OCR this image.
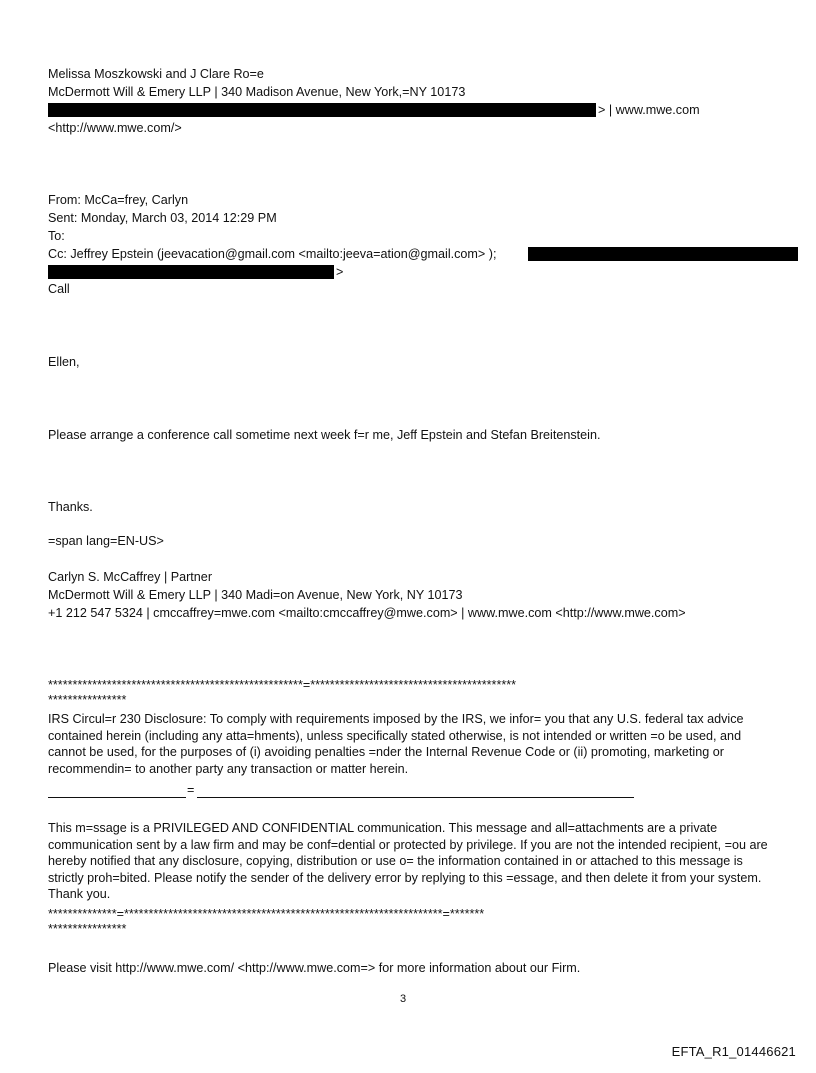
Melissa Moszkowski and J Clare Ro=e
McDermott Will & Emery LLP | 340 Madison Avenue, New York,=NY 10173
> | www.mwe.com
<http://www.mwe.com/>
From: McCa=frey, Carlyn
Sent: Monday, March 03, 2014 12:29 PM
To:
Cc: Jeffrey Epstein (jeevacation@gmail.com <mailto:jeeva=ation@gmail.com> );
>
Call
Ellen,
Please arrange a conference call sometime next week f=r me, Jeff Epstein and Stefan Breitenstein.
Thanks.
=span lang=EN-US>
Carlyn S. McCaffrey | Partner
McDermott Will & Emery LLP | 340 Madi=on Avenue, New York, NY 10173
+1 212 547 5324 | cmccaffrey=mwe.com <mailto:cmccaffrey@mwe.com> | www.mwe.com <http://www.mwe.com>
****************************************************=******************************************
****************
IRS Circul=r 230 Disclosure: To comply with requirements imposed by the IRS, we infor= you that any U.S. federal tax advice contained herein (including any atta=hments), unless specifically stated otherwise, is not intended or written =o be used, and cannot be used, for the purposes of (i) avoiding penalties =nder the Internal Revenue Code or (ii) promoting, marketing or recommendin= to another party any transaction or matter herein.
=
This m=ssage is a PRIVILEGED AND CONFIDENTIAL communication. This message and all=attachments are a private communication sent by a law firm and may be conf=dential or protected by privilege. If you are not the intended recipient, =ou are hereby notified that any disclosure, copying, distribution or use o= the information contained in or attached to this message is strictly proh=bited. Please notify the sender of the delivery error by replying to this =essage, and then delete it from your system. Thank you.
**************=*****************************************************************=*******
****************
Please visit http://www.mwe.com/ <http://www.mwe.com=> for more information about our Firm.
3
EFTA_R1_01446621
